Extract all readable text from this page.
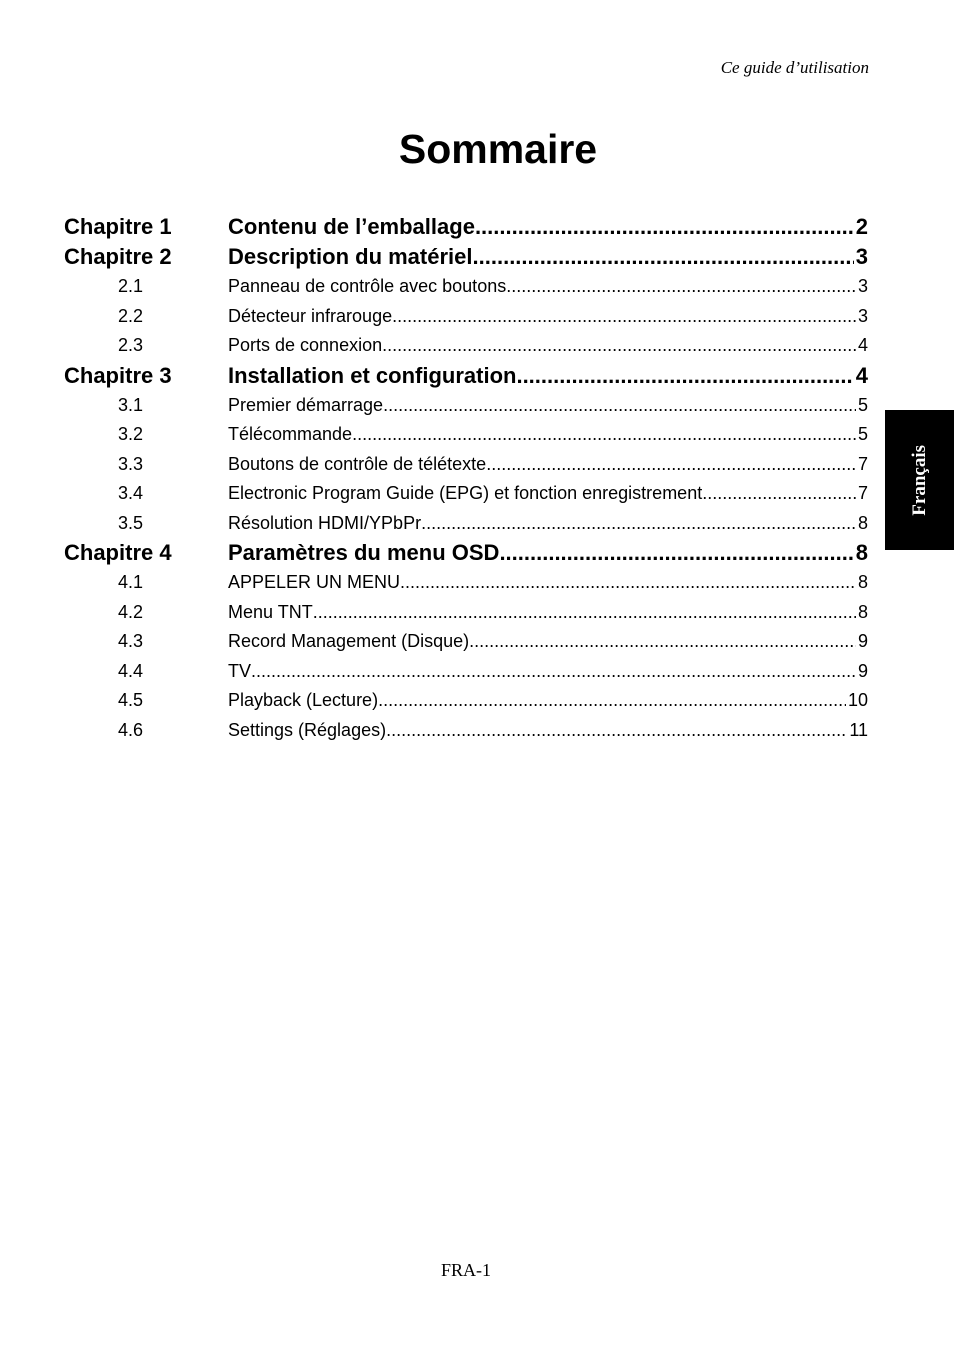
Ce guide d’utilisation
Sommaire
Chapitre 1	Contenu de l’emballage .....	2
Chapitre 2	Description du matériel .....	3
2.1	Panneau de contrôle avec boutons .....	3
2.2	Détecteur infrarouge .....	3
2.3	Ports de connexion .....	4
Chapitre 3	Installation et configuration .....	4
3.1	Premier démarrage .....	5
3.2	Télécommande .....	5
3.3	Boutons de contrôle de télétexte .....	7
3.4	Electronic Program Guide (EPG) et fonction enregistrement .....	7
3.5	Résolution HDMI/YPbPr .....	8
Chapitre 4	Paramètres du menu OSD .....	8
4.1	APPELER UN MENU .....	8
4.2	Menu TNT .....	8
4.3	Record Management (Disque) .....	9
4.4	TV .....	9
4.5	Playback (Lecture) .....	10
4.6	Settings (Réglages) .....	11
Français
FRA-1
